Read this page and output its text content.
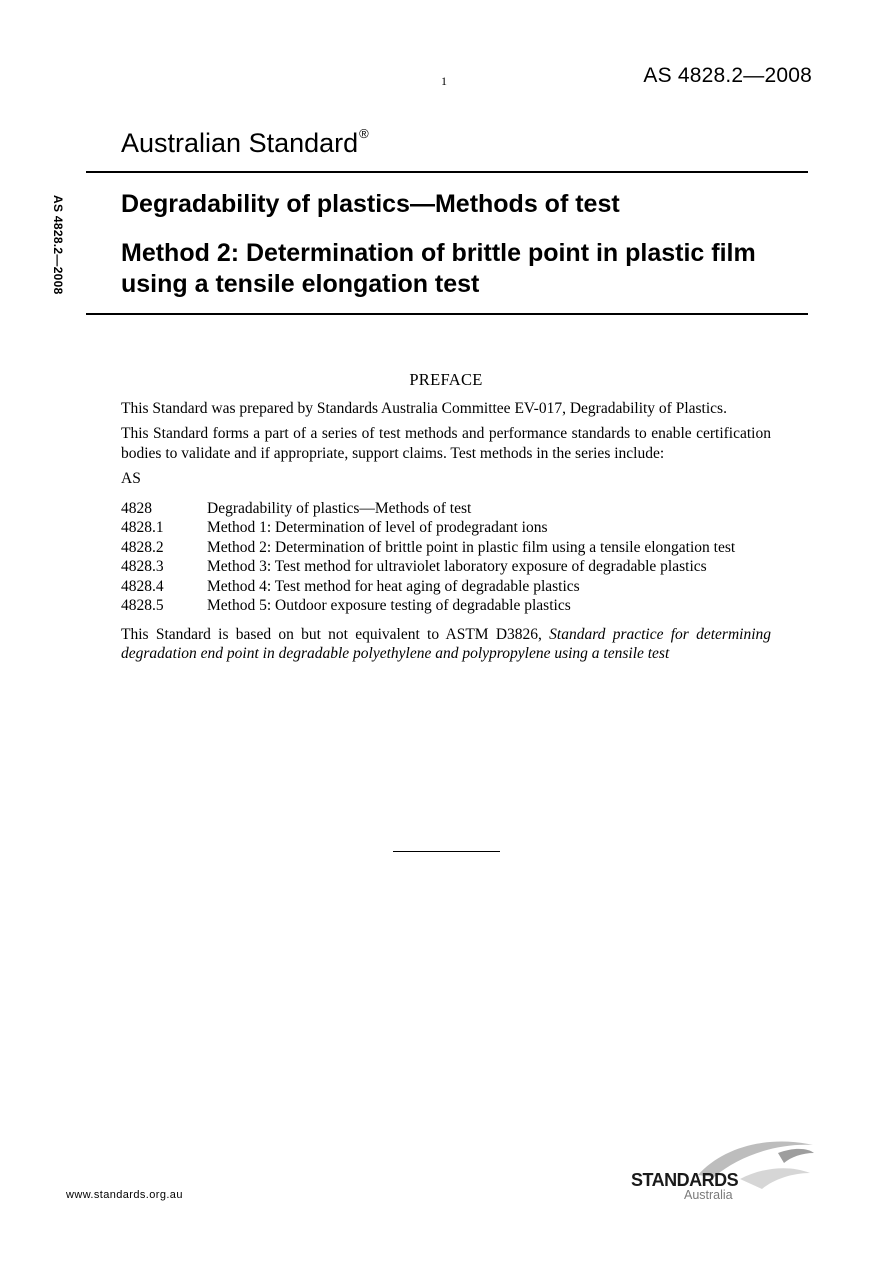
1	AS 4828.2—2008
Australian Standard®
AS 4828.2—2008 Degradability of plastics—Methods of test
Method 2: Determination of brittle point in plastic film using a tensile elongation test
PREFACE

This Standard was prepared by Standards Australia Committee EV-017, Degradability of Plastics.

This Standard forms a part of a series of test methods and performance standards to enable certification bodies to validate and if appropriate, support claims. Test methods in the series include:

AS
4828	Degradability of plastics—Methods of test
4828.1	Method 1: Determination of level of prodegradant ions
4828.2	Method 2: Determination of brittle point in plastic film using a tensile elongation test
4828.3	Method 3: Test method for ultraviolet laboratory exposure of degradable plastics
4828.4	Method 4: Test method for heat aging of degradable plastics
4828.5	Method 5: Outdoor exposure testing of degradable plastics

This Standard is based on but not equivalent to ASTM D3826, Standard practice for determining degradation end point in degradable polyethylene and polypropylene using a tensile test

www.standards.org.au
STANDARDS
Australia
